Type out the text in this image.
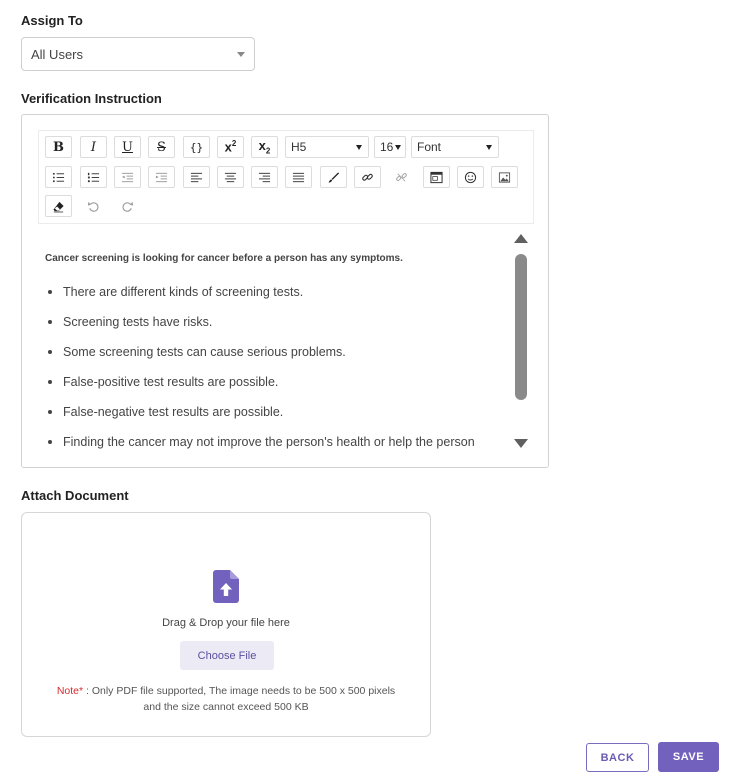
Assign To
All Users
Verification Instruction
B	I	U	S	{}	$x^2$ $x_2$ H5	16 Font
Cancer screening is looking for cancer before a person has any symptoms.
There are different kinds of screening tests.
Screening tests have risks.
Some screening tests can cause serious problems.
False-positive test results are possible.
False-negative test results are possible.
Finding the cancer may not improve the person's health or help the person
Attach Document
Drag & Drop your file here
Choose File
Note* : Only PDF file supported, The image needs to be 500 x 500 pixels
and the size cannot exceed 500 KB
BACK	SAVE
